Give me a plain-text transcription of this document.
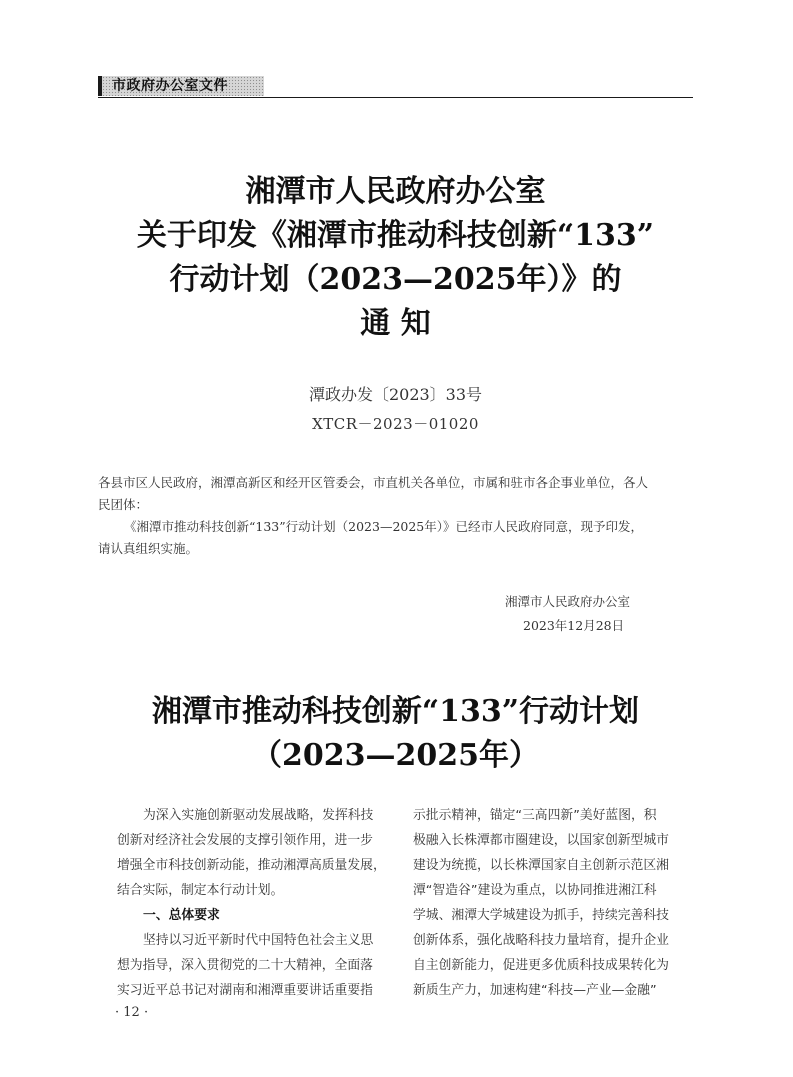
市政府办公室文件
湘潭市人民政府办公室
关于印发《湘潭市推动科技创新“133”
行动计划（2023—2025年）》的
通 知
潭政办发〔2023〕33号
XTCR－2023－01020

各县市区人民政府，湘潭高新区和经开区管委会，市直机关各单位，市属和驻市各企事业单位，各人

民团体：

《湘潭市推动科技创新“133”行动计划（2023—2025年）》已经市人民政府同意，现予印发，

请认真组织实施。

湘潭市人民政府办公室
2023年12月28日
湘潭市推动科技创新“133”行动计划
（2023—2025年）

为深入实施创新驱动发展战略，发挥科技

创新对经济社会发展的支撑引领作用，进一步

增强全市科技创新动能，推动湘潭高质量发展，

结合实际，制定本行动计划。

一、总体要求

坚持以习近平新时代中国特色社会主义思

想为指导，深入贯彻党的二十大精神，全面落

实习近平总书记对湖南和湘潭重要讲话重要指

示批示精神，锚定“三高四新”美好蓝图，积

极融入长株潭都市圈建设，以国家创新型城市

建设为统揽，以长株潭国家自主创新示范区湘

潭“智造谷”建设为重点，以协同推进湘江科

学城、湘潭大学城建设为抓手，持续完善科技

创新体系，强化战略科技力量培育，提升企业

自主创新能力，促进更多优质科技成果转化为

新质生产力，加速构建“科技—产业—金融”

· 12 ·
